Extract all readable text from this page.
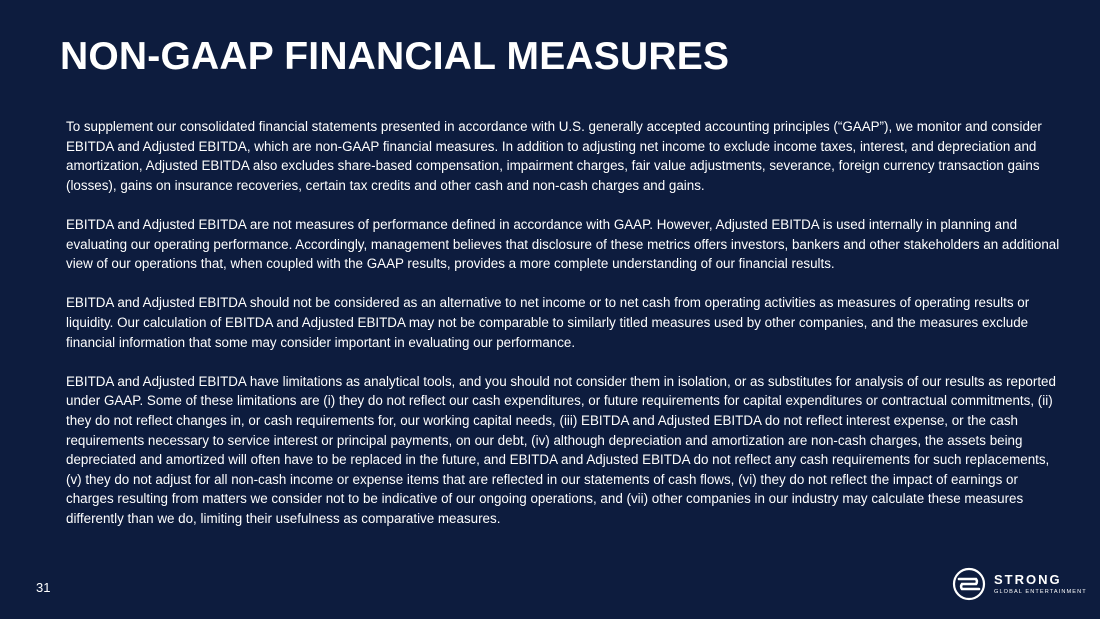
NON-GAAP FINANCIAL MEASURES

To supplement our consolidated financial statements presented in accordance with U.S. generally accepted accounting principles (“GAAP”), we monitor and consider EBITDA and Adjusted EBITDA, which are non-GAAP financial measures. In addition to adjusting net income to exclude income taxes, interest, and depreciation and amortization, Adjusted EBITDA also excludes share-based compensation, impairment charges, fair value adjustments, severance, foreign currency transaction gains (losses), gains on insurance recoveries, certain tax credits and other cash and non-cash charges and gains.

EBITDA and Adjusted EBITDA are not measures of performance defined in accordance with GAAP. However, Adjusted EBITDA is used internally in planning and evaluating our operating performance. Accordingly, management believes that disclosure of these metrics offers investors, bankers and other stakeholders an additional view of our operations that, when coupled with the GAAP results, provides a more complete understanding of our financial results.

EBITDA and Adjusted EBITDA should not be considered as an alternative to net income or to net cash from operating activities as measures of operating results or liquidity. Our calculation of EBITDA and Adjusted EBITDA may not be comparable to similarly titled measures used by other companies, and the measures exclude financial information that some may consider important in evaluating our performance.

EBITDA and Adjusted EBITDA have limitations as analytical tools, and you should not consider them in isolation, or as substitutes for analysis of our results as reported under GAAP. Some of these limitations are (i) they do not reflect our cash expenditures, or future requirements for capital expenditures or contractual commitments, (ii) they do not reflect changes in, or cash requirements for, our working capital needs, (iii) EBITDA and Adjusted EBITDA do not reflect interest expense, or the cash requirements necessary to service interest or principal payments, on our debt, (iv) although depreciation and amortization are non-cash charges, the assets being depreciated and amortized will often have to be replaced in the future, and EBITDA and Adjusted EBITDA do not reflect any cash requirements for such replacements, (v) they do not adjust for all non-cash income or expense items that are reflected in our statements of cash flows, (vi) they do not reflect the impact of earnings or charges resulting from matters we consider not to be indicative of our ongoing operations, and (vii) other companies in our industry may calculate these measures differently than we do, limiting their usefulness as comparative measures.

31
STRONG
GLOBAL ENTERTAINMENT
